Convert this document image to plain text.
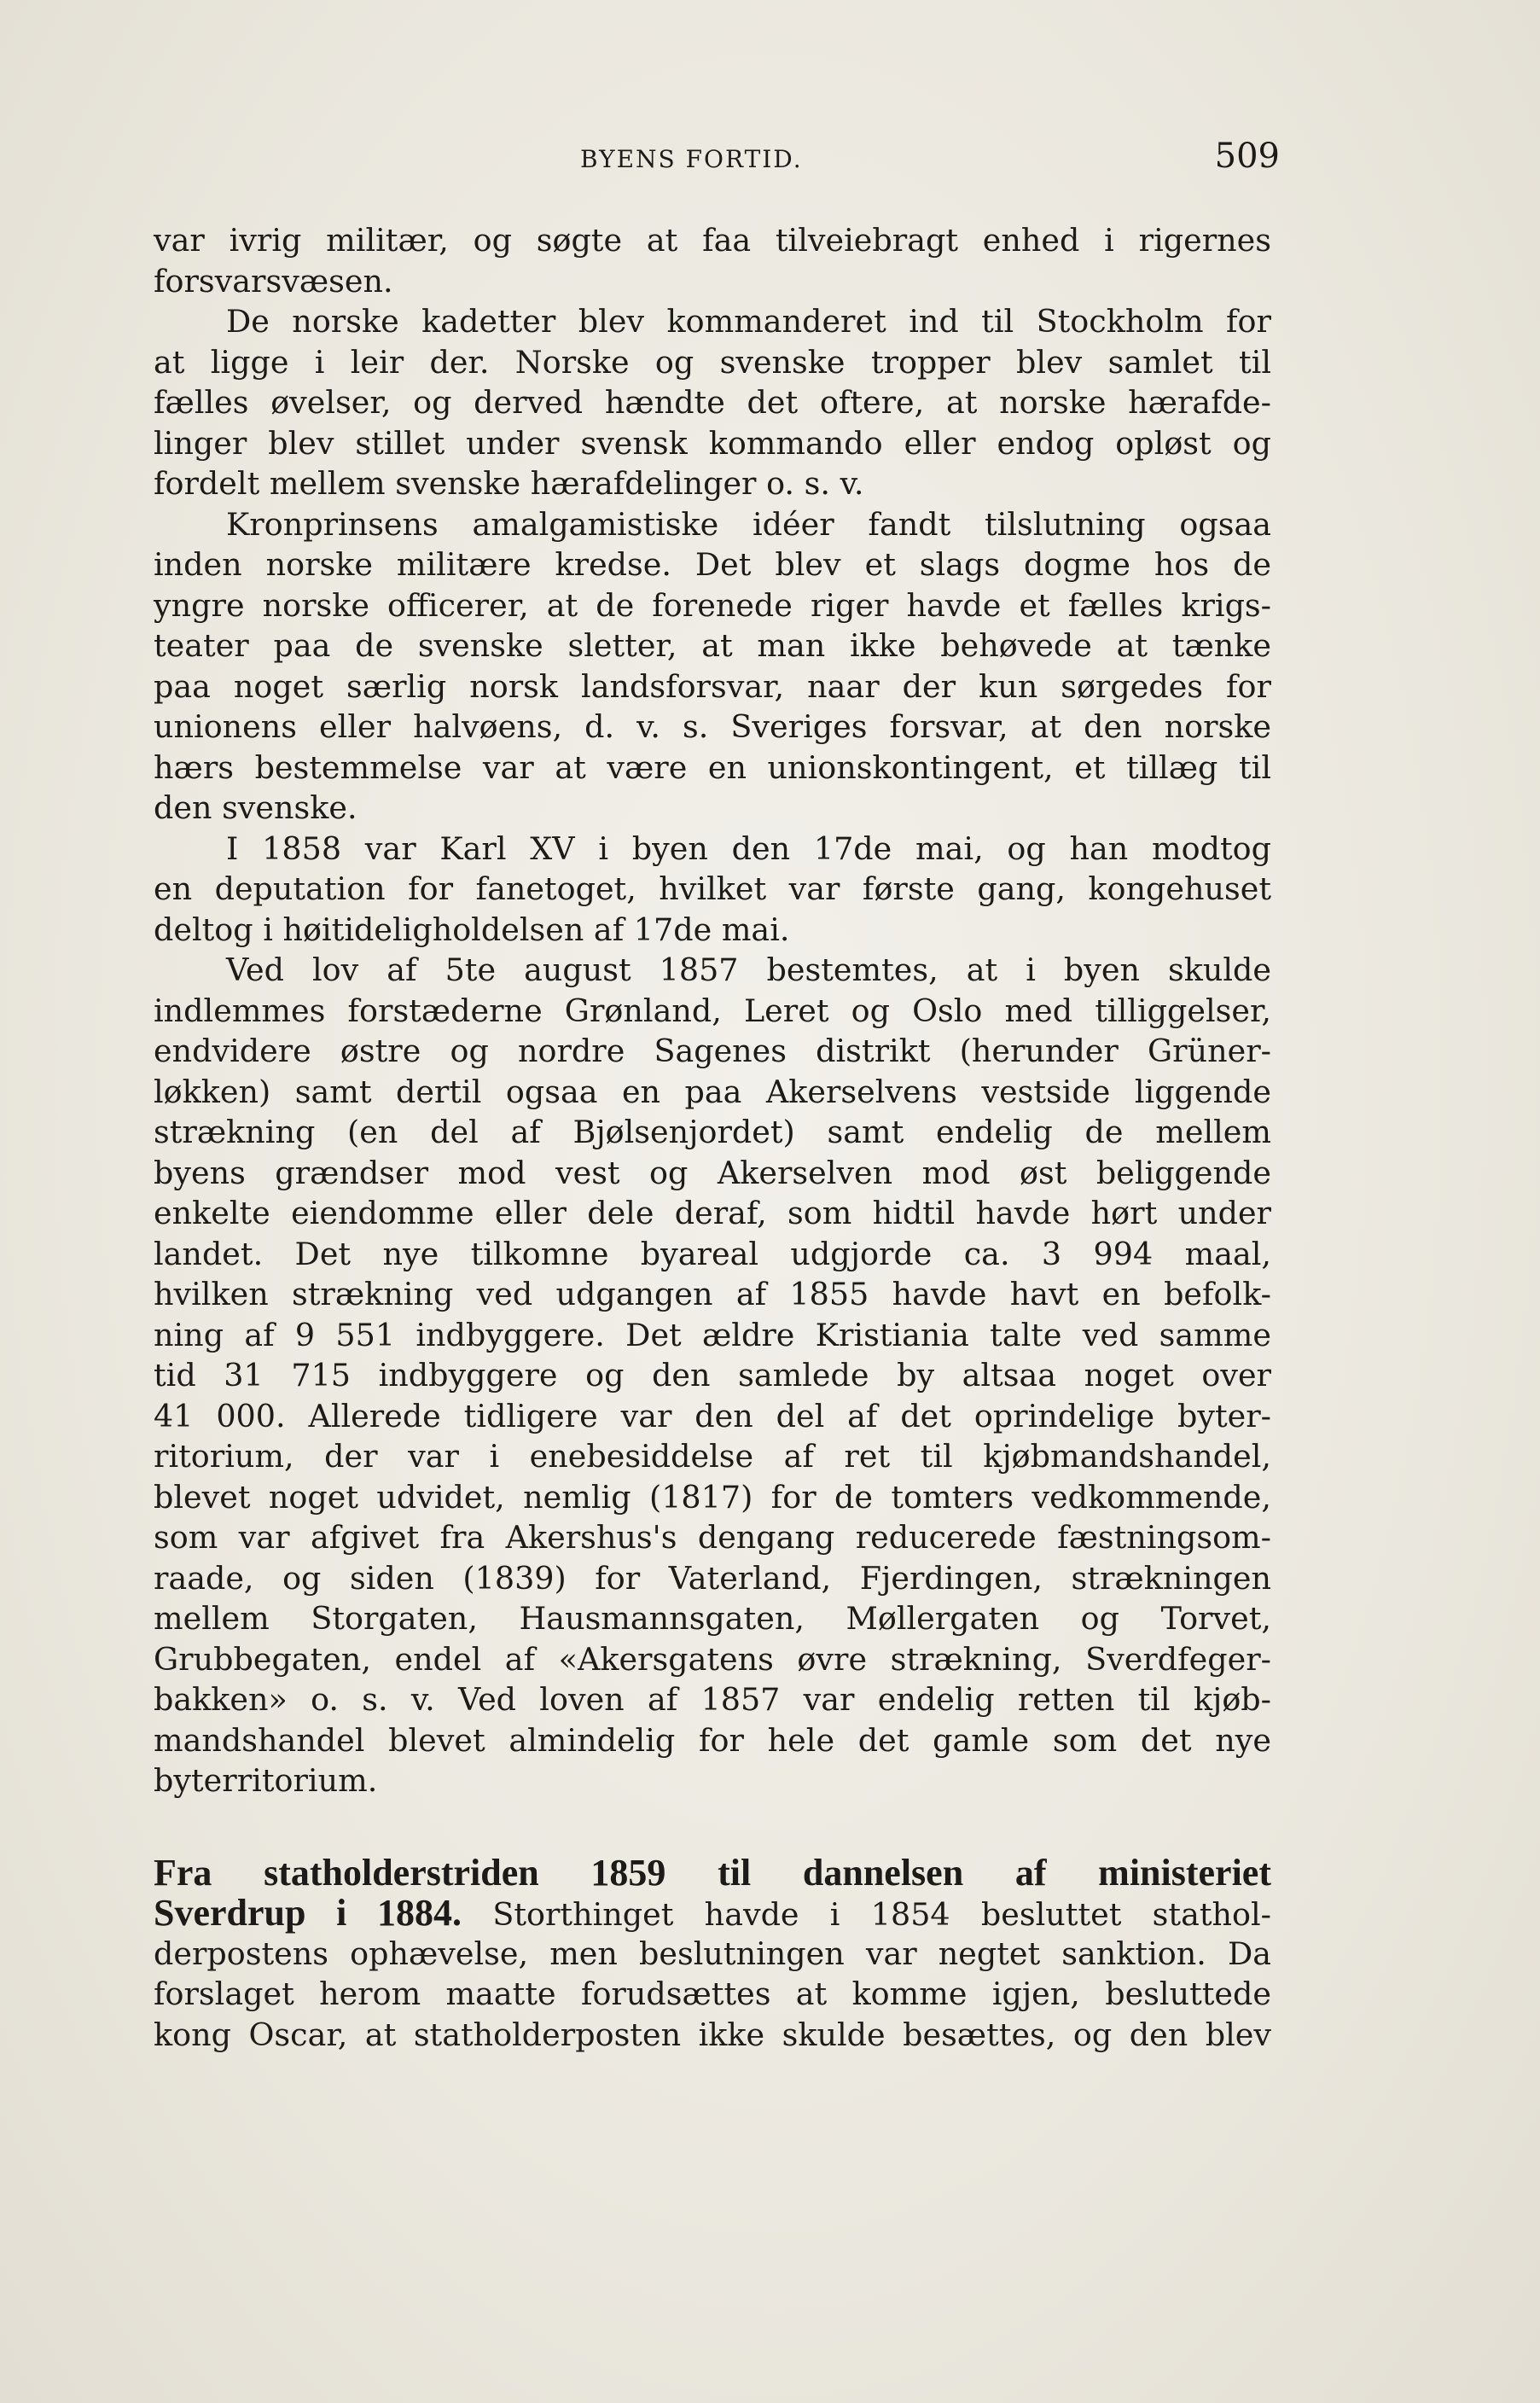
BYENS FORTID.	509
var ivrig militær, og søgte at faa tilveiebragt enhed i rigernes
forsvarsvæsen.
De norske kadetter blev kommanderet ind til Stockholm for
at ligge i leir der. Norske og svenske tropper blev samlet til
fælles øvelser, og derved hændte det oftere, at norske hærafde-
linger blev stillet under svensk kommando eller endog opløst og
fordelt mellem svenske hærafdelinger o. s. v.
Kronprinsens amalgamistiske idéer fandt tilslutning ogsaa
inden norske militære kredse. Det blev et slags dogme hos de
yngre norske officerer, at de forenede riger havde et fælles krigs-
teater paa de svenske sletter, at man ikke behøvede at tænke
paa noget særlig norsk landsforsvar, naar der kun sørgedes for
unionens eller halvøens, d. v. s. Sveriges forsvar, at den norske
hærs bestemmelse var at være en unionskontingent, et tillæg til
den svenske.
I 1858 var Karl XV i byen den 17de mai, og han modtog
en deputation for fanetoget, hvilket var første gang, kongehuset
deltog i høitideligholdelsen af 17de mai.
Ved lov af 5te august 1857 bestemtes, at i byen skulde
indlemmes forstæderne Grønland, Leret og Oslo med tilliggelser,
endvidere østre og nordre Sagenes distrikt (herunder Grüner-
løkken) samt dertil ogsaa en paa Akerselvens vestside liggende
strækning (en del af Bjølsenjordet) samt endelig de mellem
byens grændser mod vest og Akerselven mod øst beliggende
enkelte eiendomme eller dele deraf, som hidtil havde hørt under
landet. Det nye tilkomne byareal udgjorde ca. 3 994 maal,
hvilken strækning ved udgangen af 1855 havde havt en befolk-
ning af 9 551 indbyggere. Det ældre Kristiania talte ved samme
tid 31 715 indbyggere og den samlede by altsaa noget over
41 000. Allerede tidligere var den del af det oprindelige byter-
ritorium, der var i enebesiddelse af ret til kjøbmandshandel,
blevet noget udvidet, nemlig (1817) for de tomters vedkommende,
som var afgivet fra Akershus's dengang reducerede fæstningsom-
raade, og siden (1839) for Vaterland, Fjerdingen, strækningen
mellem Storgaten, Hausmannsgaten, Møllergaten og Torvet,
Grubbegaten, endel af «Akersgatens øvre strækning, Sverdfeger-
bakken» o. s. v. Ved loven af 1857 var endelig retten til kjøb-
mandshandel blevet almindelig for hele det gamle som det nye
byterritorium.
Fra statholderstriden 1859 til dannelsen af ministeriet
Sverdrup i 1884. Storthinget havde i 1854 besluttet stathol-
derpostens ophævelse, men beslutningen var negtet sanktion. Da
forslaget herom maatte forudsættes at komme igjen, besluttede
kong Oscar, at statholderposten ikke skulde besættes, og den blev
